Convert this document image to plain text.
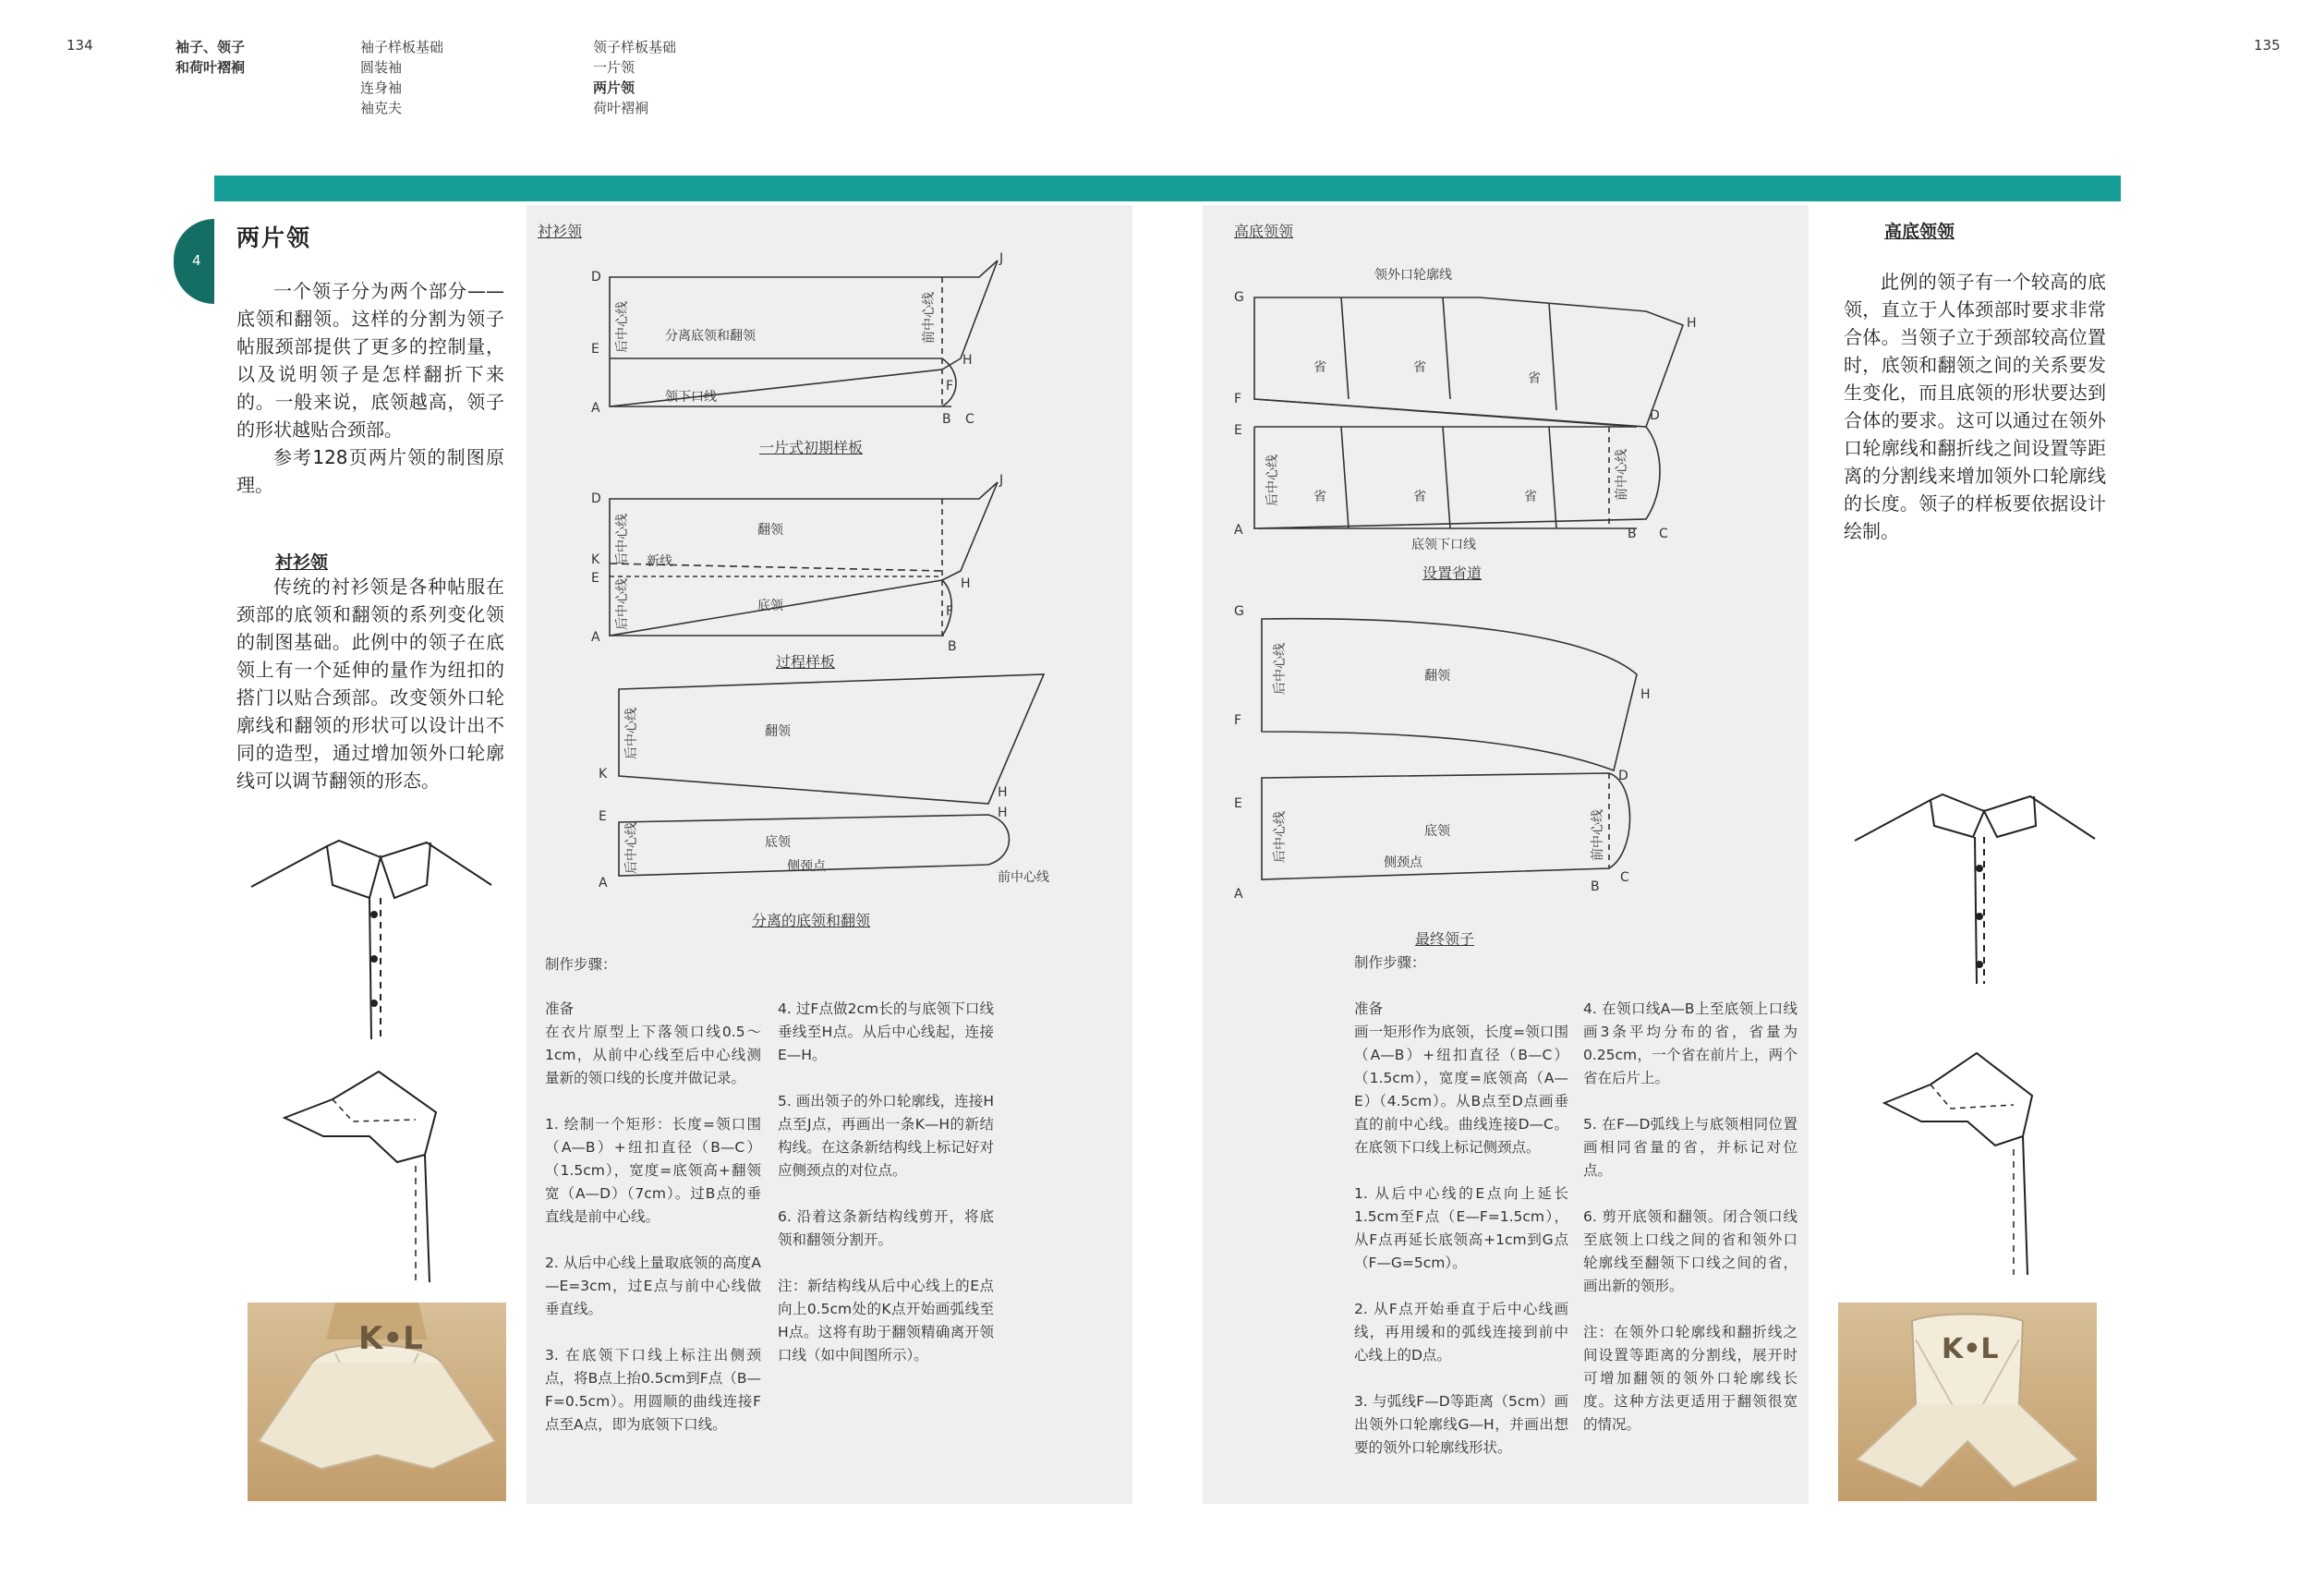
134	135
袖子、领子
和荷叶褶裥
袖子样板基础
圆装袖
连身袖
袖克夫
领子样板基础
一片领
两片领
荷叶褶裥
4
两片领
一个领子分为两个部分——底领和翻领。这样的分割为领子帖服颈部提供了更多的控制量，以及说明领子是怎样翻折下来的。一般来说，底领越高，领子的形状越贴合颈部。
参考128页两片领的制图原理。
衬衫领
传统的衬衫领是各种帖服在颈部的底领和翻领的系列变化领的制图基础。此例中的领子在底领上有一个延伸的量作为纽扣的搭门以贴合颈部。改变领外口轮廓线和翻领的形状可以设计出不同的造型，通过增加领外口轮廓线可以调节翻领的形态。
K•L
衬衫领
D
E
A
J
H
F
B C
分离底领和翻领
领下口线
D
K
E
A
J
H
F
B
翻领
新线
底领
K
H
翻领
E	H
A
底领
侧颈点
前中心线
后中心线	前中心线
后中心线
后中心线
后中心线
后中心线
一片式初期样板
过程样板
分离的底领和翻领
制作步骤：

准备

在衣片原型上下落领口线0.5～1cm，从前中心线至后中心线测量新的领口线的长度并做记录。

1. 绘制一个矩形：长度=领口围（A—B）+纽扣直径（B—C）（1.5cm），宽度=底领高+翻领宽（A—D）（7cm）。过B点的垂直线是前中心线。

2. 从后中心线上量取底领的高度A—E=3cm，过E点与前中心线做垂直线。

3. 在底领下口线上标注出侧颈点，将B点上抬0.5cm到F点（B—F=0.5cm）。用圆顺的曲线连接F点至A点，即为底领下口线。

4. 过F点做2cm长的与底领下口线垂线至H点。从后中心线起，连接E—H。

5. 画出领子的外口轮廓线，连接H点至J点，再画出一条K—H的新结构线。在这条新结构线上标记好对应侧颈点的对位点。

6. 沿着这条新结构线剪开，将底领和翻领分割开。

注：新结构线从后中心线上的E点向上0.5cm处的K点开始画弧线至H点。这将有助于翻领精确离开领口线（如中间图所示）。

高底领领
G
F
E
A
H
D
B C
领外口轮廓线
省	省
省
省	省	省
底领下口线
G
F
E
A
H
D
B
C
翻领
底领
侧颈点
后中心线	前中心线
后中心线
后中心线	前中心线
设置省道
最终领子
制作步骤：

准备

画一矩形作为底领，长度=领口围（A—B）+纽扣直径（B—C）（1.5cm），宽度=底领高（A—E）（4.5cm）。从B点至D点画垂直的前中心线。曲线连接D—C。在底领下口线上标记侧颈点。

1. 从后中心线的E点向上延长1.5cm至F点（E—F=1.5cm），从F点再延长底领高+1cm到G点（F—G=5cm）。

2. 从F点开始垂直于后中心线画线，再用缓和的弧线连接到前中心线上的D点。

3. 与弧线F—D等距离（5cm）画出领外口轮廓线G—H，并画出想要的领外口轮廓线形状。

4. 在领口线A—B上至底领上口线画3条平均分布的省，省量为0.25cm，一个省在前片上，两个省在后片上。

5. 在F—D弧线上与底领相同位置画相同省量的省，并标记对位点。

6. 剪开底领和翻领。闭合领口线至底领上口线之间的省和领外口轮廓线至翻领下口线之间的省，画出新的领形。

注：在领外口轮廓线和翻折线之间设置等距离的分割线，展开时可增加翻领的领外口轮廓线长度。这种方法更适用于翻领很宽的情况。

高底领领
此例的领子有一个较高的底领，直立于人体颈部时要求非常合体。当领子立于颈部较高位置时，底领和翻领之间的关系要发生变化，而且底领的形状要达到合体的要求。这可以通过在领外口轮廓线和翻折线之间设置等距离的分割线来增加领外口轮廓线的长度。领子的样板要依据设计绘制。
K•L
